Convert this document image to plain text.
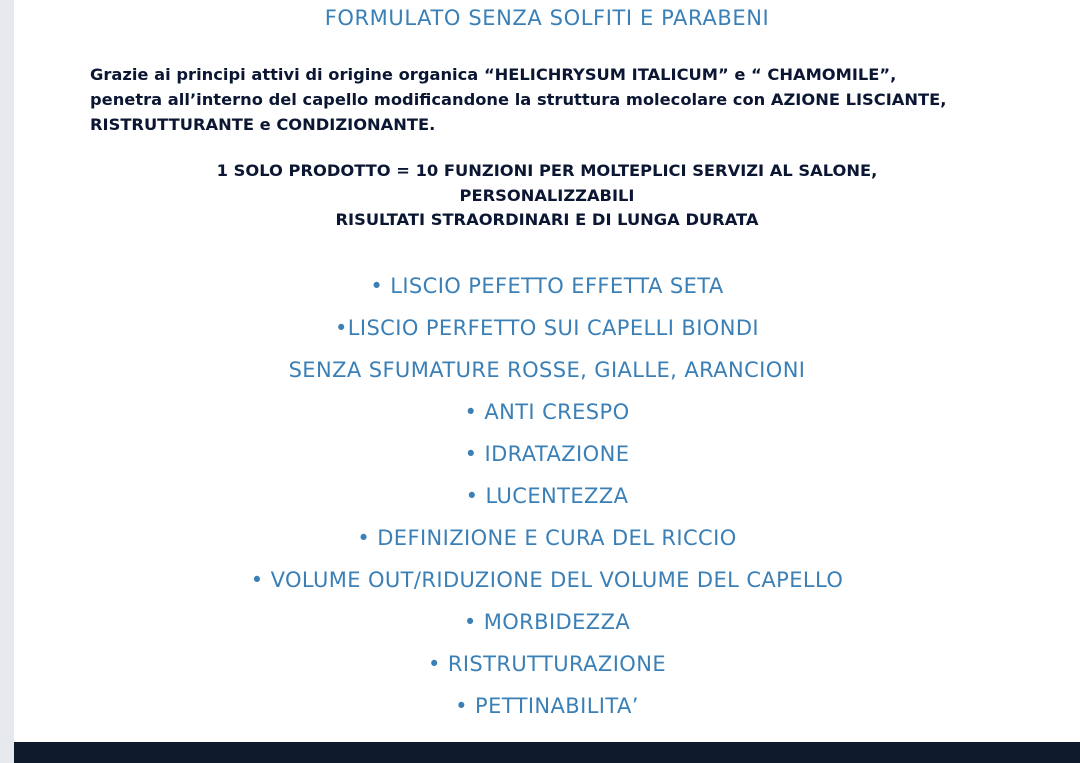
FORMULATO SENZA SOLFITI E PARABENI
Grazie ai principi attivi di origine organica “HELICHRYSUM ITALICUM” e “ CHAMOMILE”,
penetra all’interno del capello modificandone la struttura molecolare con AZIONE LISCIANTE,
RISTRUTTURANTE e CONDIZIONANTE.
1 SOLO PRODOTTO = 10 FUNZIONI PER MOLTEPLICI SERVIZI AL SALONE,
PERSONALIZZABILI
RISULTATI STRAORDINARI E DI LUNGA DURATA
• LISCIO PEFETTO EFFETTA SETA
•LISCIO PERFETTO SUI CAPELLI BIONDI
SENZA SFUMATURE ROSSE, GIALLE, ARANCIONI
• ANTI CRESPO
• IDRATAZIONE
• LUCENTEZZA
• DEFINIZIONE E CURA DEL RICCIO
• VOLUME OUT/RIDUZIONE DEL VOLUME DEL CAPELLO
• MORBIDEZZA
• RISTRUTTURAZIONE
• PETTINABILITA’
